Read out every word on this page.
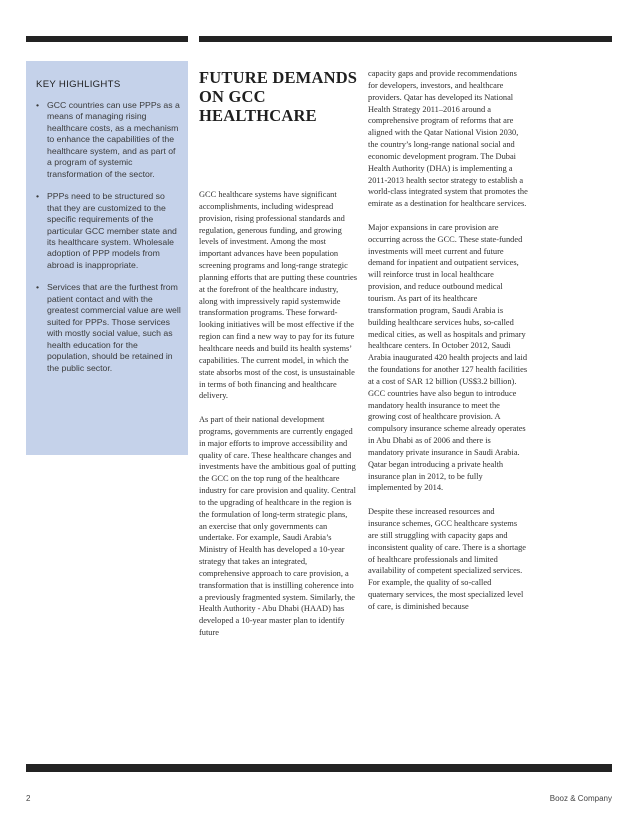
KEY HIGHLIGHTS
• GCC countries can use PPPs as a means of managing rising healthcare costs, as a mechanism to enhance the capabilities of the healthcare system, and as part of a program of systemic transformation of the sector.
• PPPs need to be structured so that they are customized to the specific requirements of the particular GCC member state and its healthcare system. Wholesale adoption of PPP models from abroad is inappropriate.
• Services that are the furthest from patient contact and with the greatest commercial value are well suited for PPPs. Those services with mostly social value, such as health education for the population, should be retained in the public sector.
FUTURE DEMANDS ON GCC HEALTHCARE

GCC healthcare systems have significant accomplishments, including widespread provision, rising professional standards and regulation, generous funding, and growing levels of investment. Among the most important advances have been population screening programs and long-range strategic planning efforts that are putting these countries at the forefront of the healthcare industry, along with impressively rapid systemwide transformation programs. These forward-looking initiatives will be most effective if the region can find a new way to pay for its future healthcare needs and build its health systems’ capabilities. The current model, in which the state absorbs most of the cost, is unsustainable in terms of both financing and healthcare delivery.

As part of their national development programs, governments are currently engaged in major efforts to improve accessibility and quality of care. These healthcare changes and investments have the ambitious goal of putting the GCC on the top rung of the healthcare industry for care provision and quality. Central to the upgrading of healthcare in the region is the formulation of long-term strategic plans, an exercise that only governments can undertake. For example, Saudi Arabia’s Ministry of Health has developed a 10-year strategy that takes an integrated, comprehensive approach to care provision, a transformation that is instilling coherence into a previously fragmented system. Similarly, the Health Authority - Abu Dhabi (HAAD) has developed a 10-year master plan to identify future

capacity gaps and provide recommendations for developers, investors, and healthcare providers. Qatar has developed its National Health Strategy 2011–2016 around a comprehensive program of reforms that are aligned with the Qatar National Vision 2030, the country’s long-range national social and economic development program. The Dubai Health Authority (DHA) is implementing a 2011-2013 health sector strategy to establish a world-class integrated system that promotes the emirate as a destination for healthcare services.

Major expansions in care provision are occurring across the GCC. These state-funded investments will meet current and future demand for inpatient and outpatient services, will reinforce trust in local healthcare provision, and reduce outbound medical tourism. As part of its healthcare transformation program, Saudi Arabia is building healthcare services hubs, so-called medical cities, as well as hospitals and primary healthcare centers. In October 2012, Saudi Arabia inaugurated 420 health projects and laid the foundations for another 127 health facilities at a cost of SAR 12 billion (US$3.2 billion). GCC countries have also begun to introduce mandatory health insurance to meet the growing cost of healthcare provision. A compulsory insurance scheme already operates in Abu Dhabi as of 2006 and there is mandatory private insurance in Saudi Arabia. Qatar began introducing a private health insurance plan in 2012, to be fully implemented by 2014.

Despite these increased resources and insurance schemes, GCC healthcare systems are still struggling with capacity gaps and inconsistent quality of care. There is a shortage of healthcare professionals and limited availability of competent specialized services. For example, the quality of so-called quaternary services, the most specialized level of care, is diminished because

2	Booz & Company
